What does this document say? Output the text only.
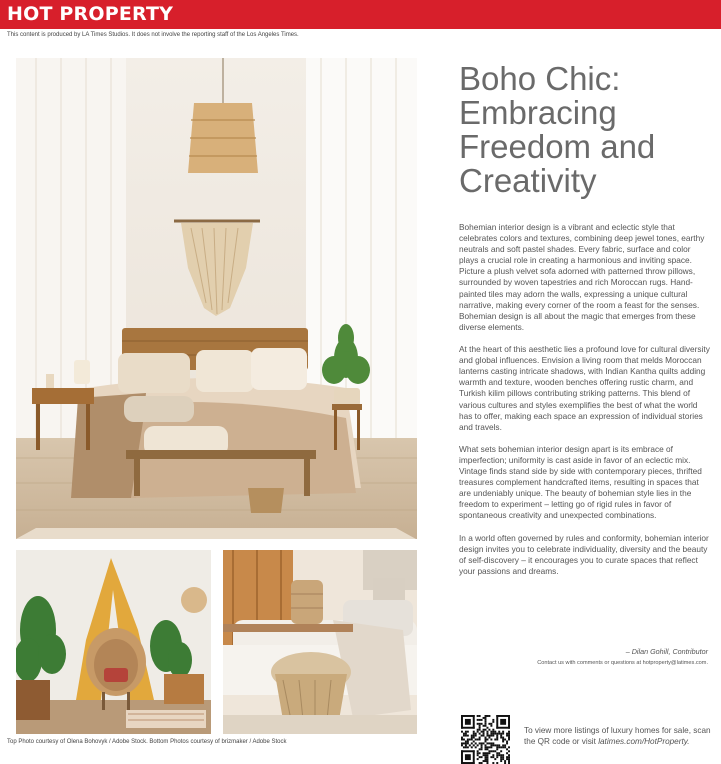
HOT PROPERTY
This content is produced by LA Times Studios. It does not involve the reporting staff of the Los Angeles Times.
Top Photo courtesy of Olena Bohovyk / Adobe Stock. Bottom Photos courtesy of brizmaker / Adobe Stock
Boho Chic: Embracing Freedom and Creativity

Bohemian interior design is a vibrant and eclectic style that celebrates colors and textures, combining deep jewel tones, earthy neutrals and soft pastel shades. Every fabric, surface and color plays a crucial role in creating a harmonious and inviting space. Picture a plush velvet sofa adorned with patterned throw pillows, surrounded by woven tapestries and rich Moroccan rugs. Hand-painted tiles may adorn the walls, expressing a unique cultural narrative, making every corner of the room a feast for the senses. Bohemian design is all about the magic that emerges from these diverse elements.

At the heart of this aesthetic lies a profound love for cultural diversity and global influences. Envision a living room that melds Moroccan lanterns casting intricate shadows, with Indian Kantha quilts adding warmth and texture, wooden benches offering rustic charm, and Turkish kilim pillows contributing striking patterns. This blend of various cultures and styles exemplifies the best of what the world has to offer, making each space an expression of individual stories and travels.

What sets bohemian interior design apart is its embrace of imperfection; uniformity is cast aside in favor of an eclectic mix. Vintage finds stand side by side with contemporary pieces, thrifted treasures complement handcrafted items, resulting in spaces that are undeniably unique. The beauty of bohemian style lies in the freedom to experiment – letting go of rigid rules in favor of spontaneous creativity and unexpected combinations.

In a world often governed by rules and conformity, bohemian interior design invites you to celebrate individuality, diversity and the beauty of self-discovery – it encourages you to curate spaces that reflect your passions and dreams.

– Dilan Gohill, Contributor
Contact us with comments or questions at hotproperty@latimes.com.
To view more listings of luxury homes for sale, scan the QR code or visit latimes.com/HotProperty.
